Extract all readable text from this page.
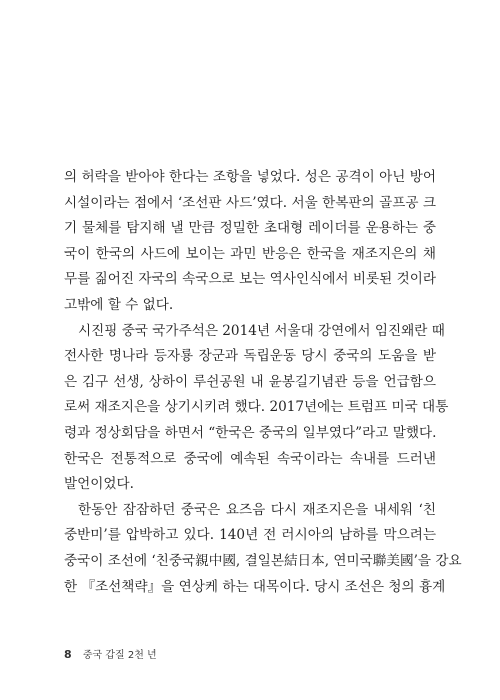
의 허락을 받아야 한다는 조항을 넣었다. 성은 공격이 아닌 방어
시설이라는 점에서 ‘조선판 사드’였다. 서울 한복판의 골프공 크
기 물체를 탐지해 낼 만큼 정밀한 초대형 레이더를 운용하는 중
국이 한국의 사드에 보이는 과민 반응은 한국을 재조지은의 채
무를 짊어진 자국의 속국으로 보는 역사인식에서 비롯된 것이라
고밖에 할 수 없다.

시진핑 중국 국가주석은 2014년 서울대 강연에서 임진왜란 때
전사한 명나라 등자룡 장군과 독립운동 당시 중국의 도움을 받
은 김구 선생, 상하이 루쉰공원 내 윤봉길기념관 등을 언급함으
로써 재조지은을 상기시키려 했다. 2017년에는 트럼프 미국 대통
령과 정상회담을 하면서 “한국은 중국의 일부였다”라고 말했다.
한국은 전통적으로 중국에 예속된 속국이라는 속내를 드러낸
발언이었다.

한동안 잠잠하던 중국은 요즈음 다시 재조지은을 내세워 ‘친
중반미’를 압박하고 있다. 140년 전 러시아의 남하를 막으려는
중국이 조선에 ‘친중국親中國, 결일본結日本, 연미국聯美國’을 강요
한 『조선책략』을 연상케 하는 대목이다. 당시 조선은 청의 흉계

8 중국 갑질 2천 년
